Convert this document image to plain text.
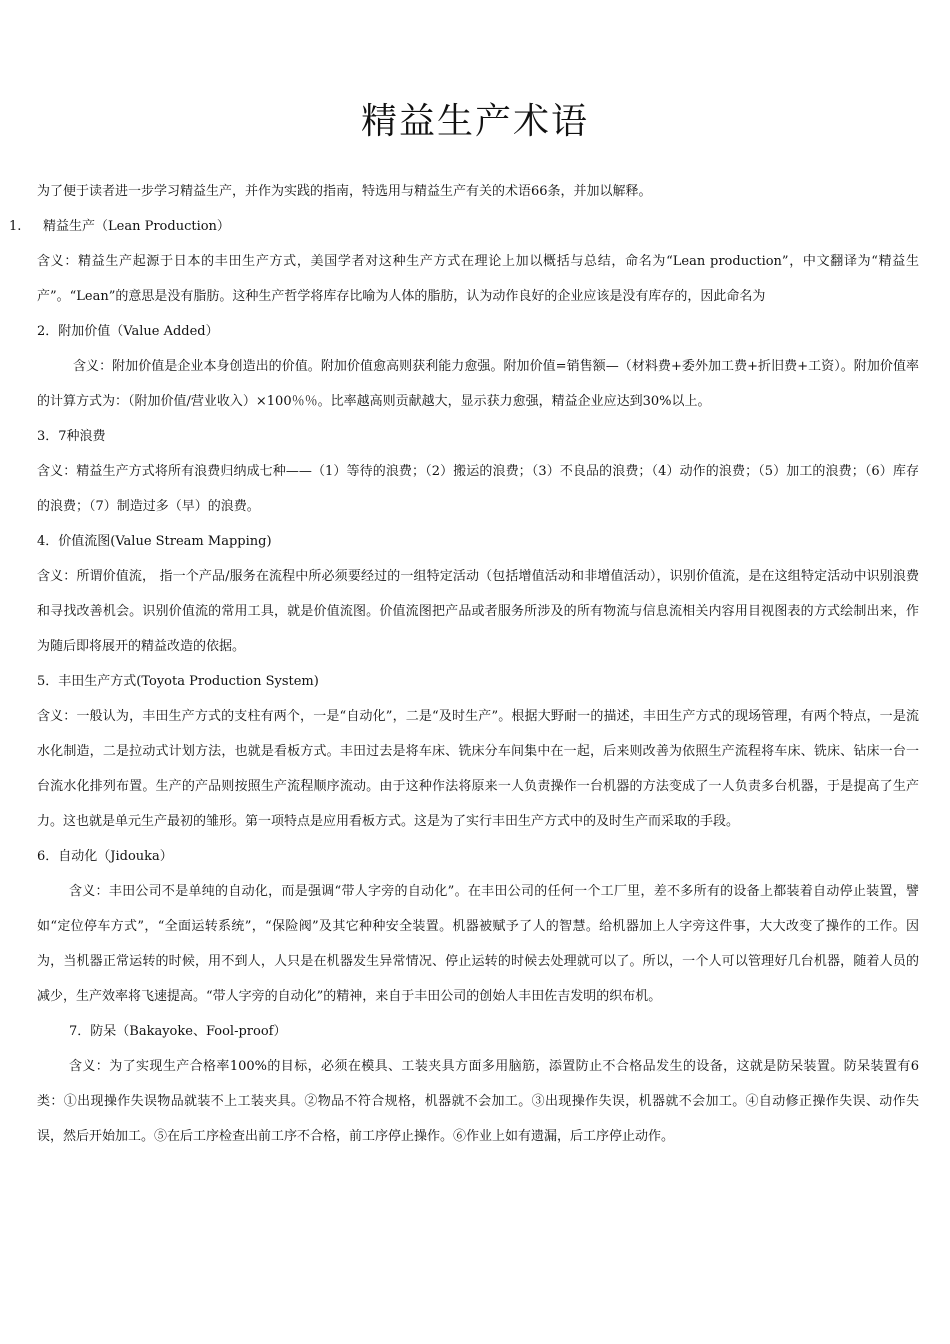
精益生产术语

为了便于读者进一步学习精益生产，并作为实践的指南，特选用与精益生产有关的术语66条，并加以解释。

1. 精益生产（Lean Production）

含义：精益生产起源于日本的丰田生产方式，美国学者对这种生产方式在理论上加以概括与总结，命名为“Lean production”，中文翻译为“精益生产”。“Lean”的意思是没有脂肪。这种生产哲学将库存比喻为人体的脂肪，认为动作良好的企业应该是没有库存的，因此命名为

2．附加价值（Value Added）

含义：附加价值是企业本身创造出的价值。附加价值愈高则获利能力愈强。附加价值=销售额—（材料费+委外加工费+折旧费+工资）。附加价值率的计算方式为：（附加价值/营业收入）×100％％。比率越高则贡献越大，显示获力愈强，精益企业应达到30%以上。

3．7种浪费

含义：精益生产方式将所有浪费归纳成七种——（1）等待的浪费；（2）搬运的浪费；（3）不良品的浪费；（4）动作的浪费；（5）加工的浪费；（6）库存的浪费；（7）制造过多（早）的浪费。

4．价值流图(Value Stream Mapping)

含义：所谓价值流， 指一个产品/服务在流程中所必须要经过的一组特定活动（包括增值活动和非增值活动），识别价值流，是在这组特定活动中识别浪费和寻找改善机会。识别价值流的常用工具，就是价值流图。价值流图把产品或者服务所涉及的所有物流与信息流相关内容用目视图表的方式绘制出来，作为随后即将展开的精益改造的依据。

5．丰田生产方式(Toyota Production System)

含义：一般认为，丰田生产方式的支柱有两个，一是“自动化”，二是“及时生产”。根据大野耐一的描述，丰田生产方式的现场管理，有两个特点，一是流水化制造，二是拉动式计划方法，也就是看板方式。丰田过去是将车床、铣床分车间集中在一起，后来则改善为依照生产流程将车床、铣床、钻床一台一台流水化排列布置。生产的产品则按照生产流程顺序流动。由于这种作法将原来一人负责操作一台机器的方法变成了一人负责多台机器，于是提高了生产力。这也就是单元生产最初的雏形。第一项特点是应用看板方式。这是为了实行丰田生产方式中的及时生产而采取的手段。

6．自动化（Jidouka）

含义：丰田公司不是单纯的自动化，而是强调“带人字旁的自动化”。在丰田公司的任何一个工厂里，差不多所有的设备上都装着自动停止装置，譬如“定位停车方式”，“全面运转系统”，“保险阀”及其它种种安全装置。机器被赋予了人的智慧。给机器加上人字旁这件事，大大改变了操作的工作。因为，当机器正常运转的时候，用不到人，人只是在机器发生异常情况、停止运转的时候去处理就可以了。所以，一个人可以管理好几台机器，随着人员的减少，生产效率将飞速提高。“带人字旁的自动化”的精神，来自于丰田公司的创始人丰田佐吉发明的织布机。

7．防呆（Bakayoke、Fool-proof）

含义：为了实现生产合格率100%的目标，必须在模具、工装夹具方面多用脑筋，添置防止不合格品发生的设备，这就是防呆装置。防呆装置有6类：①出现操作失误物品就装不上工装夹具。②物品不符合规格，机器就不会加工。③出现操作失误，机器就不会加工。④自动修正操作失误、动作失误，然后开始加工。⑤在后工序检查出前工序不合格，前工序停止操作。⑥作业上如有遗漏，后工序停止动作。
